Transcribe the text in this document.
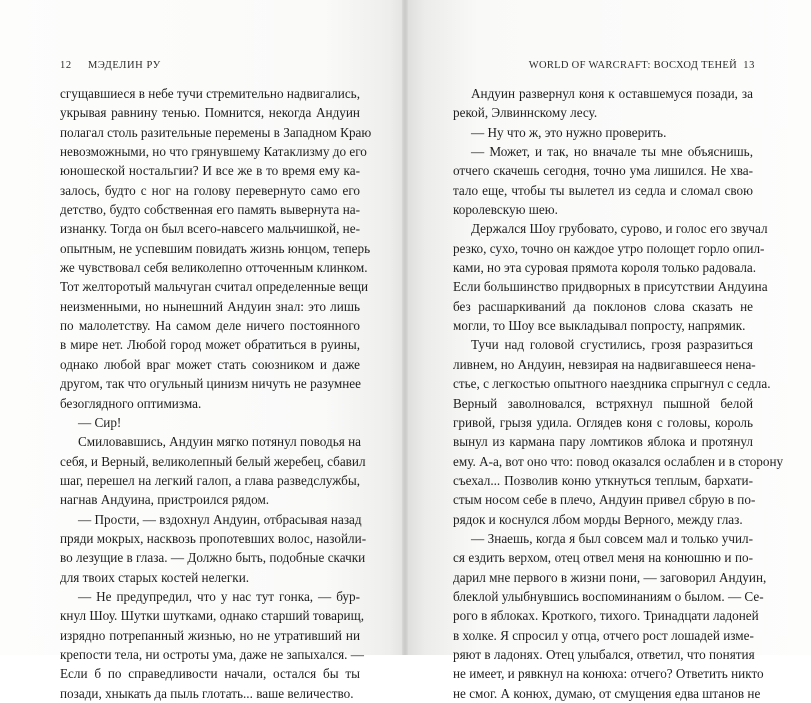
12 МЭДЕЛИН РУ
сгущавшиеся в небе тучи стремительно надвигались,
укрывая равнину тенью. Помнится, некогда Андуин
полагал столь разительные перемены в Западном Краю
невозможными, но что грянувшему Катаклизму до его
юношеской ностальгии? И все же в то время ему ка-
залось, будто с ног на голову перевернуто само его
детство, будто собственная его память вывернута на-
изнанку. Тогда он был всего-навсего мальчишкой, не-
опытным, не успевшим повидать жизнь юнцом, теперь
же чувствовал себя великолепно отточенным клинком.
Тот желторотый мальчуган считал определенные вещи
неизменными, но нынешний Андуин знал: это лишь
по малолетству. На самом деле ничего постоянного
в мире нет. Любой город может обратиться в руины,
однако любой враг может стать союзником и даже
другом, так что огульный цинизм ничуть не разумнее
безоглядного оптимизма.
— Сир!
Смиловавшись, Андуин мягко потянул поводья на
себя, и Верный, великолепный белый жеребец, сбавил
шаг, перешел на легкий галоп, а глава разведслужбы,
нагнав Андуина, пристроился рядом.
— Прости, — вздохнул Андуин, отбрасывая назад
пряди мокрых, насквозь пропотевших волос, назойли-
во лезущие в глаза. — Должно быть, подобные скачки
для твоих старых костей нелегки.
— Не предупредил, что у нас тут гонка, — бур-
кнул Шоу. Шутки шутками, однако старший товарищ,
изрядно потрепанный жизнью, но не утративший ни
крепости тела, ни остроты ума, даже не запыхался. —
Если б по справедливости начали, остался бы ты
позади, хныкать да пыль глотать... ваше величество.
WORLD OF WARCRAFT: ВОСХОД ТЕНЕЙ 13
Андуин развернул коня к оставшемуся позади, за
рекой, Элвиннскому лесу.
— Ну что ж, это нужно проверить.
— Может, и так, но вначале ты мне объяснишь,
отчего скачешь сегодня, точно ума лишился. Не хва-
тало еще, чтобы ты вылетел из седла и сломал свою
королевскую шею.
Держался Шоу грубовато, сурово, и голос его звучал
резко, сухо, точно он каждое утро полощет горло опил-
ками, но эта суровая прямота короля только радовала.
Если большинство придворных в присутствии Андуина
без расшаркиваний да поклонов слова сказать не
могли, то Шоу все выкладывал попросту, напрямик.
Тучи над головой сгустились, грозя разразиться
ливнем, но Андуин, невзирая на надвигавшееся нена-
стье, с легкостью опытного наездника спрыгнул с седла.
Верный заволновался, встряхнул пышной белой
гривой, грызя удила. Оглядев коня с головы, король
вынул из кармана пару ломтиков яблока и протянул
ему. А-а, вот оно что: повод оказался ослаблен и в сторону
съехал... Позволив коню уткнуться теплым, бархати-
стым носом себе в плечо, Андуин привел сбрую в по-
рядок и коснулся лбом морды Верного, между глаз.
— Знаешь, когда я был совсем мал и только учил-
ся ездить верхом, отец отвел меня на конюшню и по-
дарил мне первого в жизни пони, — заговорил Андуин,
блеклой улыбнувшись воспоминаниям о былом. — Се-
рого в яблоках. Кроткого, тихого. Тринадцати ладоней
в холке. Я спросил у отца, отчего рост лошадей изме-
ряют в ладонях. Отец улыбался, ответил, что понятия
не имеет, и рявкнул на конюха: отчего? Ответить никто
не смог. А конюх, думаю, от смущения едва штанов не
